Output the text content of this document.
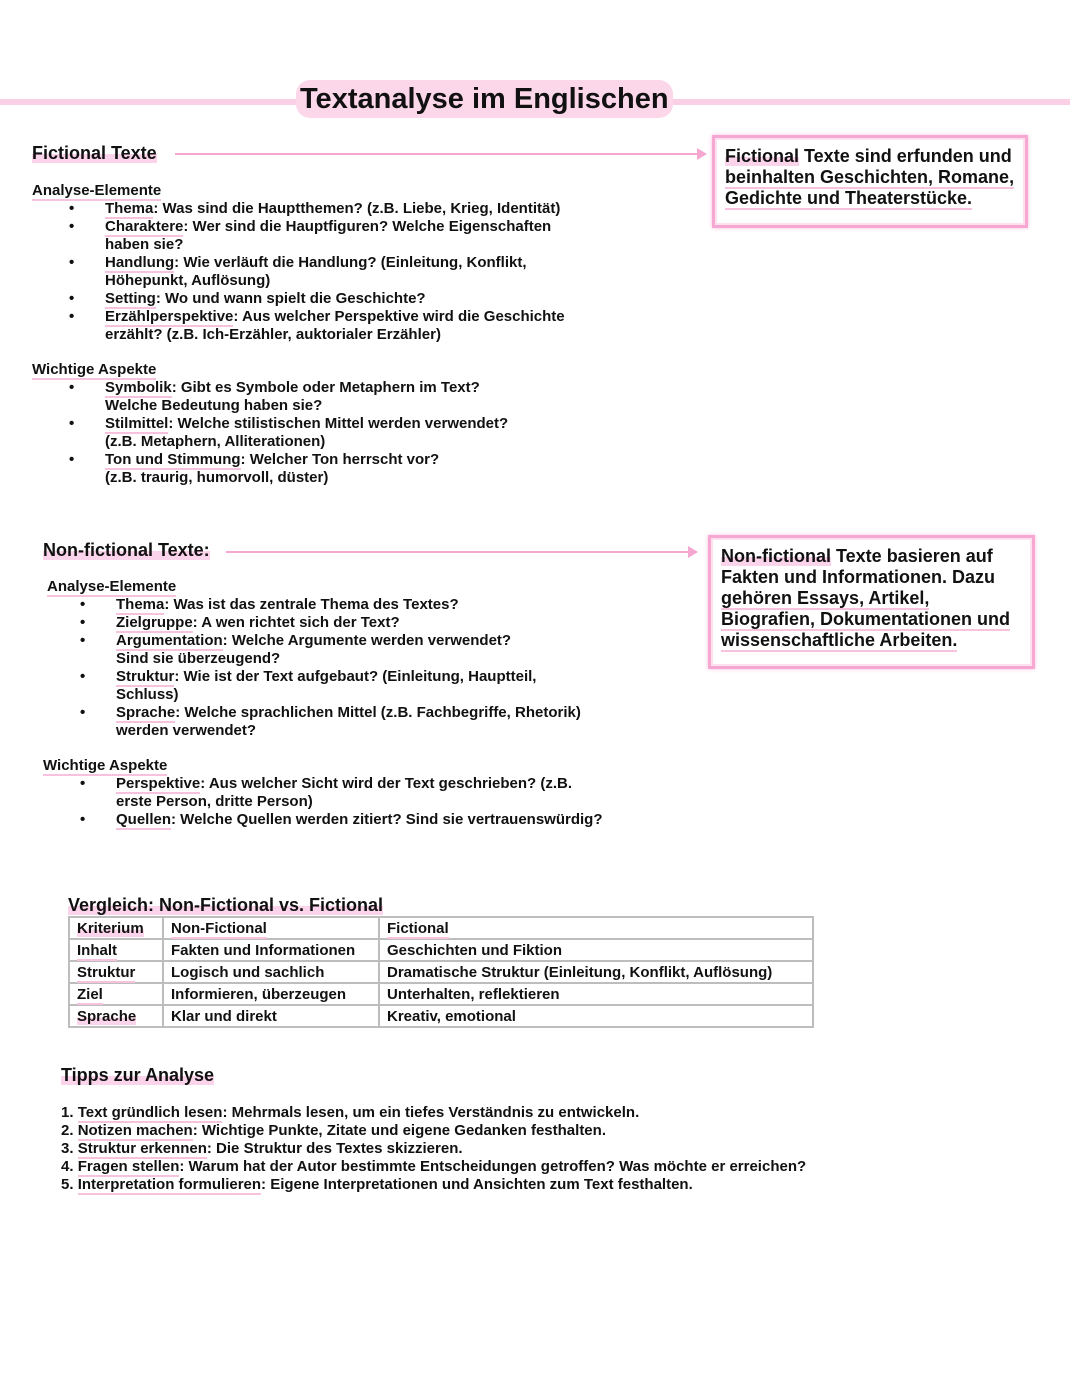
Textanalyse im Englischen
Fictional Texte
Analyse-Elemente
• Thema: Was sind die Hauptthemen? (z.B. Liebe, Krieg, Identität)
• Charaktere: Wer sind die Hauptfiguren? Welche Eigenschaften
haben sie?
• Handlung: Wie verläuft die Handlung? (Einleitung, Konflikt,
Höhepunkt, Auflösung)
• Setting: Wo und wann spielt die Geschichte?
• Erzählperspektive: Aus welcher Perspektive wird die Geschichte
erzählt? (z.B. Ich-Erzähler, auktorialer Erzähler)
Wichtige Aspekte
• Symbolik: Gibt es Symbole oder Metaphern im Text?
Welche Bedeutung haben sie?
• Stilmittel: Welche stilistischen Mittel werden verwendet?
(z.B. Metaphern, Alliterationen)
• Ton und Stimmung: Welcher Ton herrscht vor?
(z.B. traurig, humorvoll, düster)
Fictional Texte sind erfunden und
beinhalten Geschichten, Romane,
Gedichte und Theaterstücke.
Non-fictional Texte:
Analyse-Elemente
• Thema: Was ist das zentrale Thema des Textes?
• Zielgruppe: A wen richtet sich der Text?
• Argumentation: Welche Argumente werden verwendet?
Sind sie überzeugend?
• Struktur: Wie ist der Text aufgebaut? (Einleitung, Hauptteil,
Schluss)
• Sprache: Welche sprachlichen Mittel (z.B. Fachbegriffe, Rhetorik)
werden verwendet?
Wichtige Aspekte
• Perspektive: Aus welcher Sicht wird der Text geschrieben? (z.B.
erste Person, dritte Person)
• Quellen: Welche Quellen werden zitiert? Sind sie vertrauenswürdig?
Non-fictional Texte basieren auf
Fakten und Informationen. Dazu
gehören Essays, Artikel,
Biografien, Dokumentationen und
wissenschaftliche Arbeiten.
Vergleich: Non-Fictional vs. Fictional
Kriterium	Non-Fictional	Fictional
Inhalt	Fakten und Informationen	Geschichten und Fiktion
Struktur	Logisch und sachlich	Dramatische Struktur (Einleitung, Konflikt, Auflösung)
Ziel	Informieren, überzeugen	Unterhalten, reflektieren
Sprache	Klar und direkt	Kreativ, emotional
Tipps zur Analyse
1. Text gründlich lesen: Mehrmals lesen, um ein tiefes Verständnis zu entwickeln.
2. Notizen machen: Wichtige Punkte, Zitate und eigene Gedanken festhalten.
3. Struktur erkennen: Die Struktur des Textes skizzieren.
4. Fragen stellen: Warum hat der Autor bestimmte Entscheidungen getroffen? Was möchte er erreichen?
5. Interpretation formulieren: Eigene Interpretationen und Ansichten zum Text festhalten.
